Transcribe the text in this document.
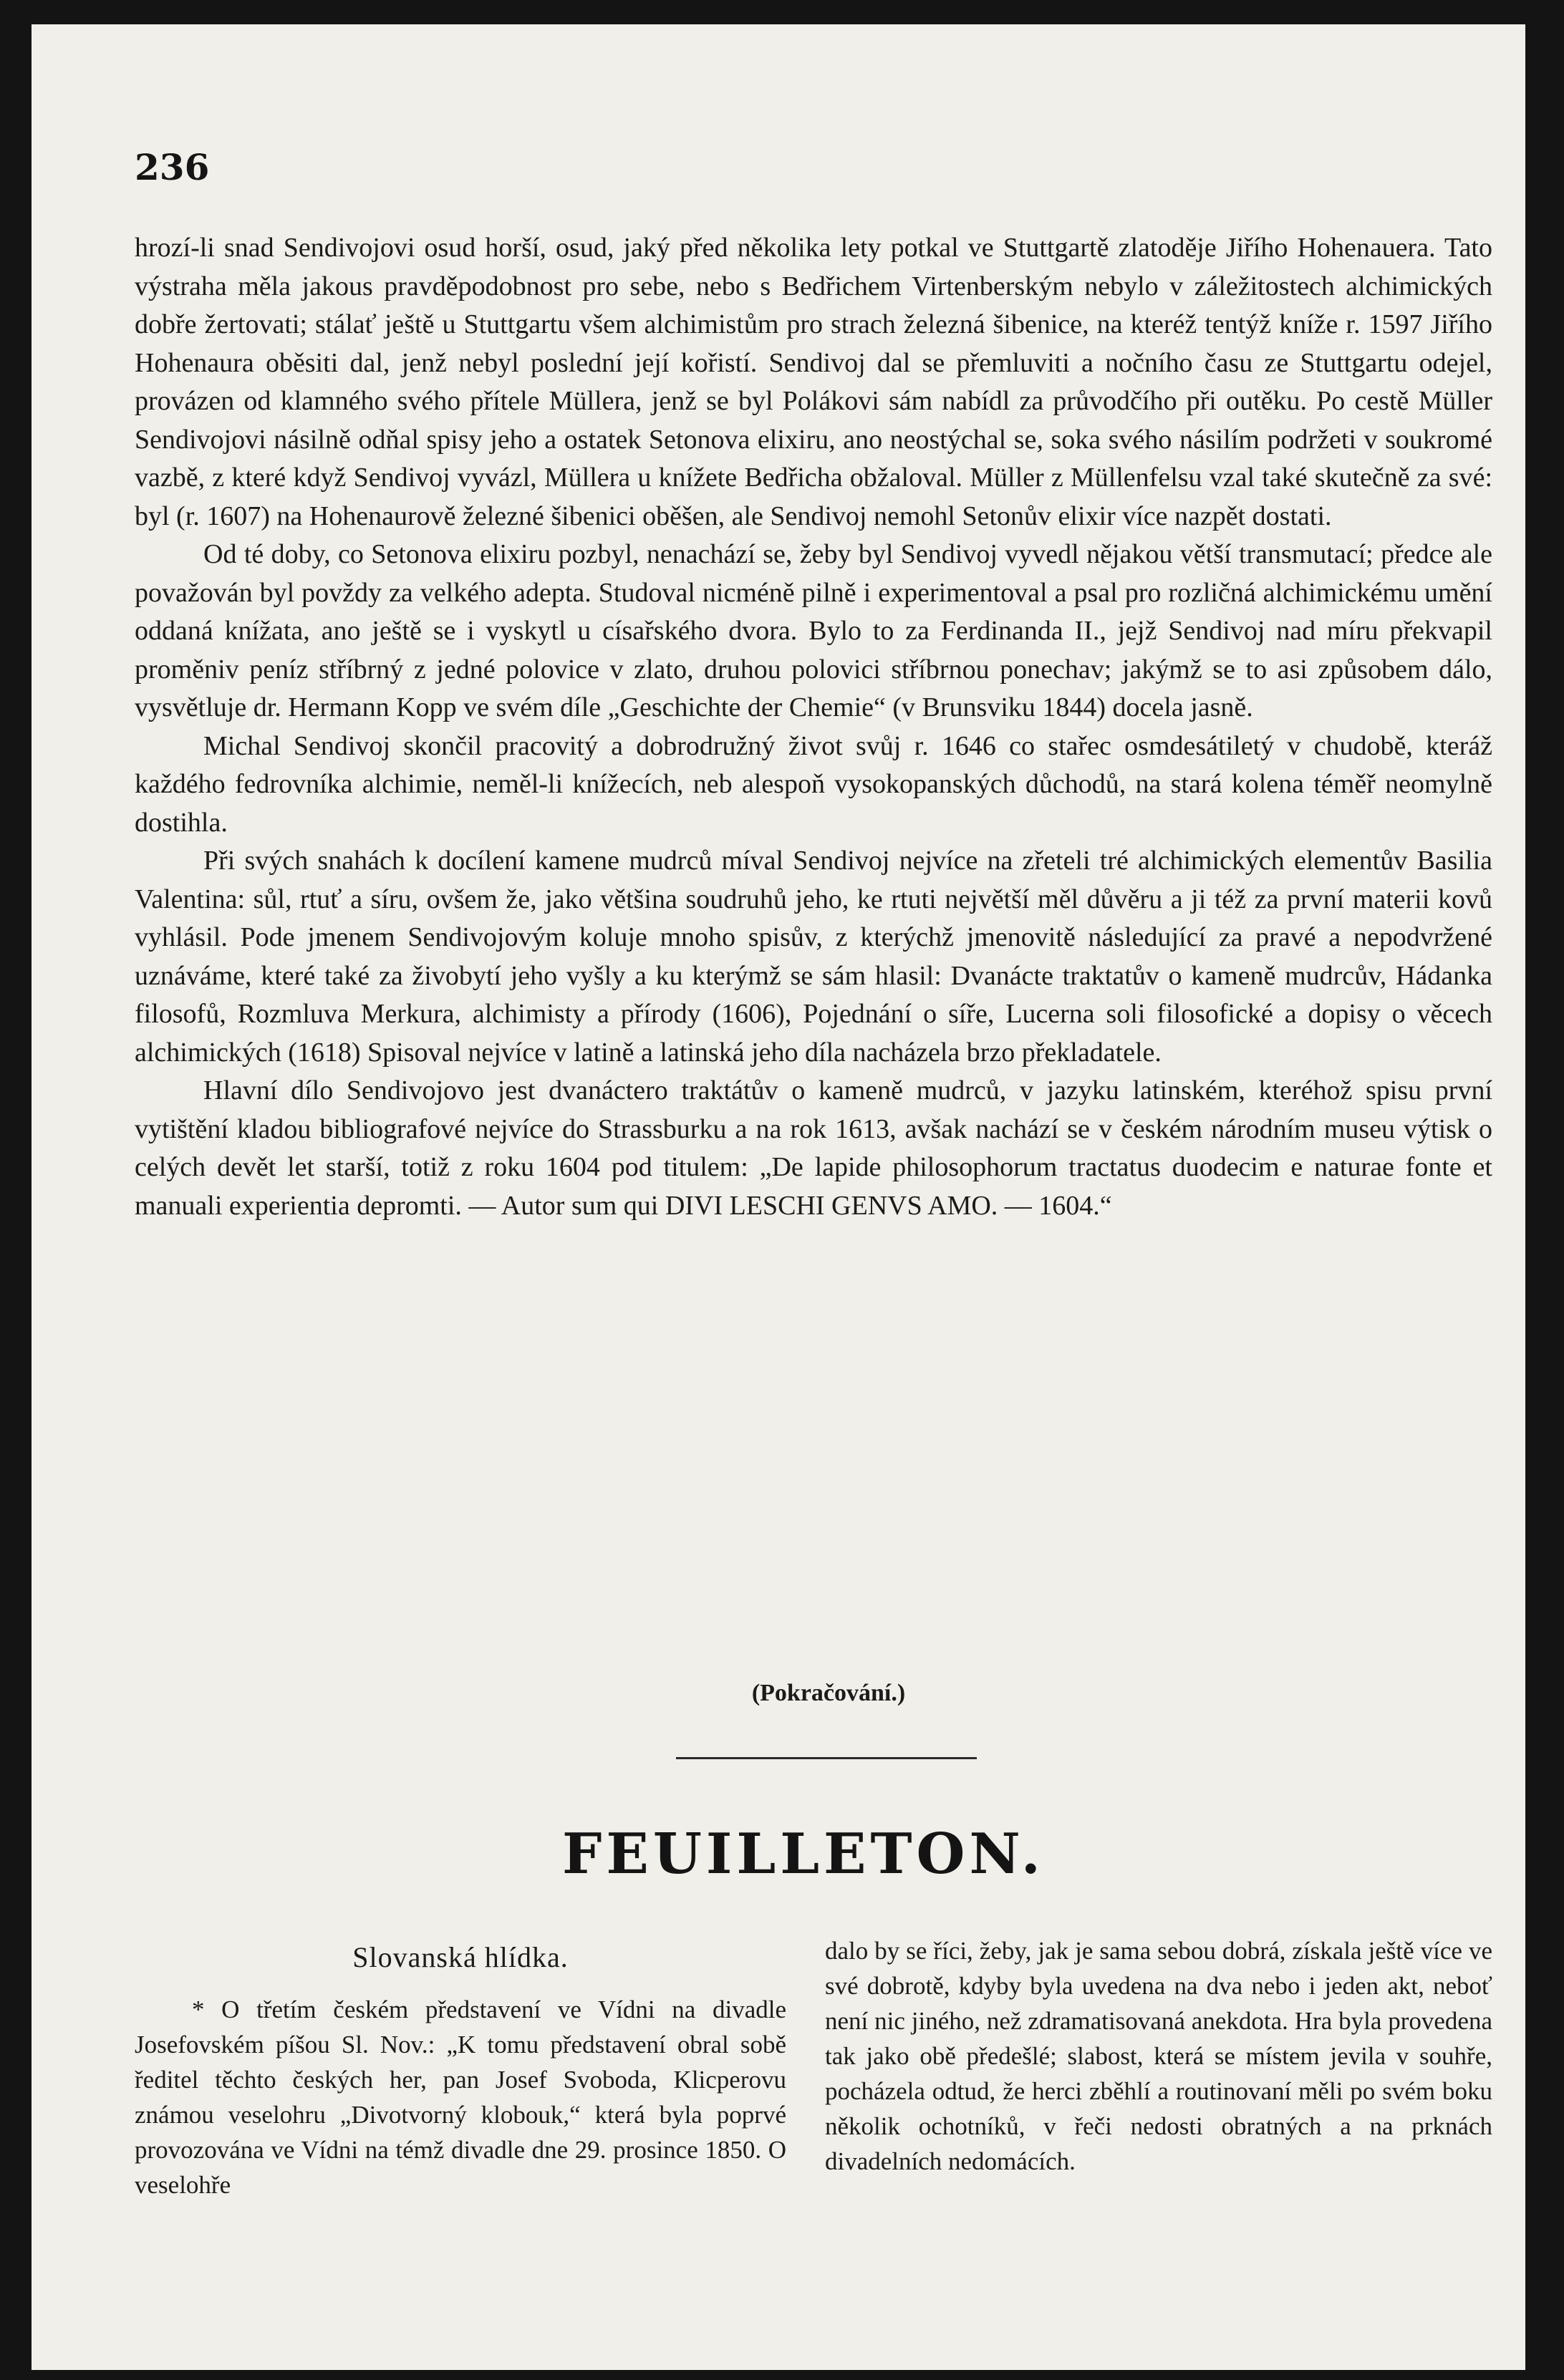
236

hrozí-li snad Sendivojovi osud horší, osud, jaký před několika lety potkal ve Stuttgartě zlatoděje Jiřího Hohenauera. Tato výstraha měla jakous pravděpodobnost pro sebe, nebo s Bedřichem Virtenberským nebylo v záležitostech alchimických dobře žertovati; stálať ještě u Stuttgartu všem alchimistům pro strach železná šibenice, na kteréž tentýž kníže r. 1597 Jiřího Hohenaura oběsiti dal, jenž nebyl poslední její kořistí. Sendivoj dal se přemluviti a nočního času ze Stuttgartu odejel, provázen od klamného svého přítele Müllera, jenž se byl Polákovi sám nabídl za průvodčího při outěku. Po cestě Müller Sendivojovi násilně odňal spisy jeho a ostatek Setonova elixiru, ano neostýchal se, soka svého násilím podržeti v soukromé vazbě, z které když Sendivoj vyvázl, Müllera u knížete Bedřicha obžaloval. Müller z Müllenfelsu vzal také skutečně za své: byl (r. 1607) na Hohenaurově železné šibenici oběšen, ale Sendivoj nemohl Setonův elixir více nazpět dostati.

Od té doby, co Setonova elixiru pozbyl, nenachází se, žeby byl Sendivoj vyvedl nějakou větší transmutací; předce ale považován byl povždy za velkého adepta. Studoval nicméně pilně i experimentoval a psal pro rozličná alchimickému umění oddaná knížata, ano ještě se i vyskytl u císařského dvora. Bylo to za Ferdinanda II., jejž Sendivoj nad míru překvapil proměniv peníz stříbrný z jedné polovice v zlato, druhou polovici stříbrnou ponechav; jakýmž se to asi způsobem dálo, vysvětluje dr. Hermann Kopp ve svém díle „Geschichte der Chemie“ (v Brunsviku 1844) docela jasně.

Michal Sendivoj skončil pracovitý a dobrodružný život svůj r. 1646 co stařec osmdesátiletý v chudobě, kteráž každého fedrovníka alchimie, neměl-li knížecích, neb alespoň vysokopanských důchodů, na stará kolena téměř neomylně dostihla.

Při svých snahách k docílení kamene mudrců míval Sendivoj nejvíce na zřeteli tré alchimických elementův Basilia Valentina: sůl, rtuť a síru, ovšem že, jako většina soudruhů jeho, ke rtuti největší měl důvěru a ji též za první materii kovů vyhlásil. Pode jmenem Sendivojovým koluje mnoho spisův, z kterýchž jmenovitě následující za pravé a nepodvržené uznáváme, které také za živobytí jeho vyšly a ku kterýmž se sám hlasil: Dvanácte traktatův o kameně mudrcův, Hádanka filosofů, Rozmluva Merkura, alchimisty a přírody (1606), Pojednání o síře, Lucerna soli filosofické a dopisy o věcech alchimických (1618) Spisoval nejvíce v latině a latinská jeho díla nacházela brzo překladatele.

Hlavní dílo Sendivojovo jest dvanáctero traktátův o kameně mudrců, v jazyku latinském, kteréhož spisu první vytištění kladou bibliografové nejvíce do Strassburku a na rok 1613, avšak nachází se v českém národním museu výtisk o celých devět let starší, totiž z roku 1604 pod titulem: „De lapide philosophorum tractatus duodecim e naturae fonte et manuali experientia depromti. — Autor sum qui DIVI LESCHI GENVS AMO. — 1604.“

(Pokračování.)
FEUILLETON.
Slovanská hlídka.

* O třetím českém představení ve Vídni na divadle Josefovském píšou Sl. Nov.: „K tomu představení obral sobě ředitel těchto českých her, pan Josef Svoboda, Klicperovu známou veselohru „Divotvorný klobouk,“ která byla poprvé provozována ve Vídni na témž divadle dne 29. prosince 1850. O veselohře

dalo by se říci, žeby, jak je sama sebou dobrá, získala ještě více ve své dobrotě, kdyby byla uvedena na dva nebo i jeden akt, neboť není nic jiného, než zdramatisovaná anekdota. Hra byla provedena tak jako obě předešlé; slabost, která se místem jevila v souhře, pocházela odtud, že herci zběhlí a routinovaní měli po svém boku několik ochotníků, v řeči nedosti obratných a na prknách divadelních nedomácích.
